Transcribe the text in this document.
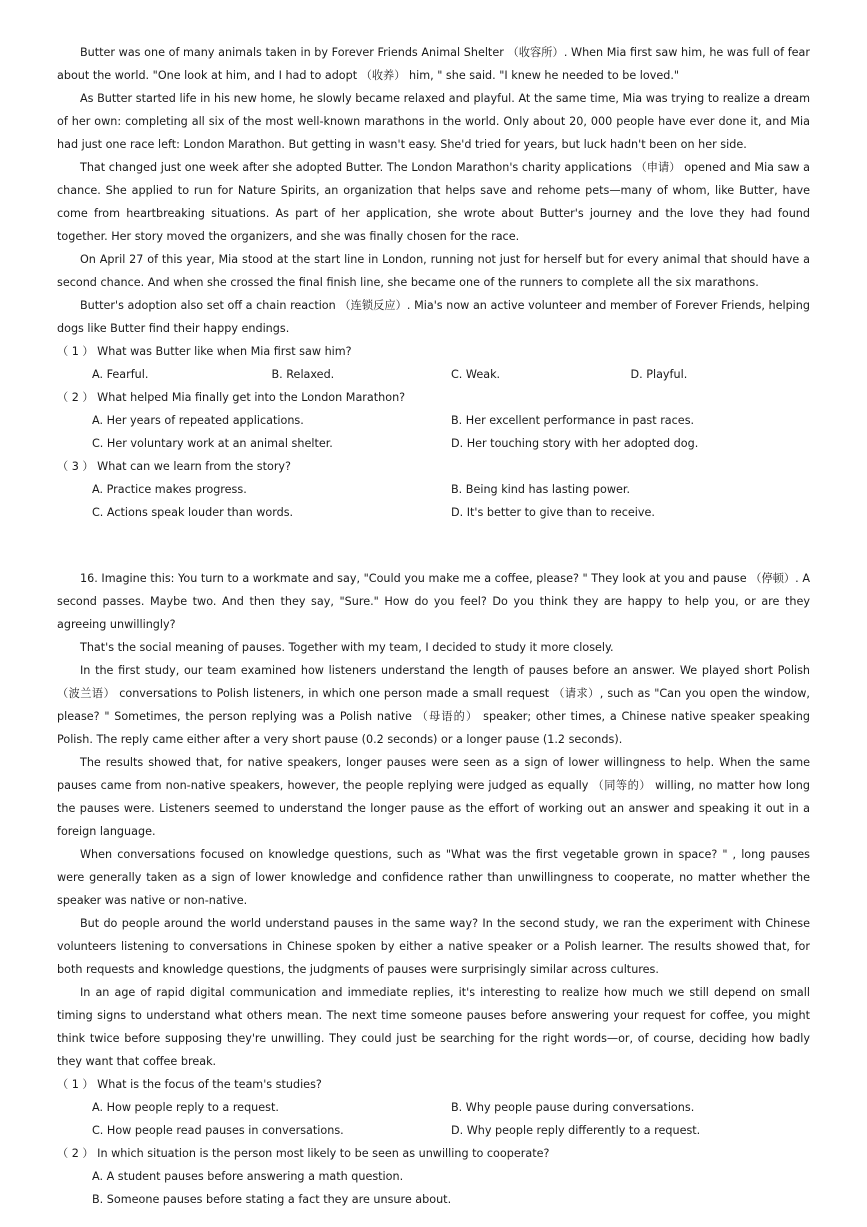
Butter was one of many animals taken in by Forever Friends Animal Shelter （收容所）. When Mia first saw him, he was full of fear about the world. "One look at him, and I had to adopt （收养） him, " she said. "I knew he needed to be loved."

As Butter started life in his new home, he slowly became relaxed and playful. At the same time, Mia was trying to realize a dream of her own: completing all six of the most well-known marathons in the world. Only about 20, 000 people have ever done it, and Mia had just one race left: London Marathon. But getting in wasn't easy. She'd tried for years, but luck hadn't been on her side.

That changed just one week after she adopted Butter. The London Marathon's charity applications （申请） opened and Mia saw a chance. She applied to run for Nature Spirits, an organization that helps save and rehome pets—many of whom, like Butter, have come from heartbreaking situations. As part of her application, she wrote about Butter's journey and the love they had found together. Her story moved the organizers, and she was finally chosen for the race.

On April 27 of this year, Mia stood at the start line in London, running not just for herself but for every animal that should have a second chance. And when she crossed the final finish line, she became one of the runners to complete all the six marathons.

Butter's adoption also set off a chain reaction （连锁反应）. Mia's now an active volunteer and member of Forever Friends, helping dogs like Butter find their happy endings.

（ 1 ） What was Butter like when Mia first saw him?

A. Fearful.	B. Relaxed.	C. Weak.	D. Playful.

（ 2 ） What helped Mia finally get into the London Marathon?

A. Her years of repeated applications.	B. Her excellent performance in past races.
C. Her voluntary work at an animal shelter.	D. Her touching story with her adopted dog.

（ 3 ） What can we learn from the story?

A. Practice makes progress.	B. Being kind has lasting power.
C. Actions speak louder than words.	D. It's better to give than to receive.

16. Imagine this: You turn to a workmate and say, "Could you make me a coffee, please? " They look at you and pause （停顿）. A second passes. Maybe two. And then they say, "Sure." How do you feel? Do you think they are happy to help you, or are they agreeing unwillingly?

That's the social meaning of pauses. Together with my team, I decided to study it more closely.

In the first study, our team examined how listeners understand the length of pauses before an answer. We played short Polish （波兰语） conversations to Polish listeners, in which one person made a small request （请求）, such as "Can you open the window, please? " Sometimes, the person replying was a Polish native （母语的） speaker; other times, a Chinese native speaker speaking Polish. The reply came either after a very short pause (0.2 seconds) or a longer pause (1.2 seconds).

The results showed that, for native speakers, longer pauses were seen as a sign of lower willingness to help. When the same pauses came from non-native speakers, however, the people replying were judged as equally （同等的） willing, no matter how long the pauses were. Listeners seemed to understand the longer pause as the effort of working out an answer and speaking it out in a foreign language.

When conversations focused on knowledge questions, such as "What was the first vegetable grown in space? " , long pauses were generally taken as a sign of lower knowledge and confidence rather than unwillingness to cooperate, no matter whether the speaker was native or non-native.

But do people around the world understand pauses in the same way? In the second study, we ran the experiment with Chinese volunteers listening to conversations in Chinese spoken by either a native speaker or a Polish learner. The results showed that, for both requests and knowledge questions, the judgments of pauses were surprisingly similar across cultures.

In an age of rapid digital communication and immediate replies, it's interesting to realize how much we still depend on small timing signs to understand what others mean. The next time someone pauses before answering your request for coffee, you might think twice before supposing they're unwilling. They could just be searching for the right words—or, of course, deciding how badly they want that coffee break.

（ 1 ） What is the focus of the team's studies?

A. How people reply to a request.	B. Why people pause during conversations.
C. How people read pauses in conversations.	D. Why people reply differently to a request.

（ 2 ） In which situation is the person most likely to be seen as unwilling to cooperate?

A. A student pauses before answering a math question.
B. Someone pauses before stating a fact they are unsure about.
